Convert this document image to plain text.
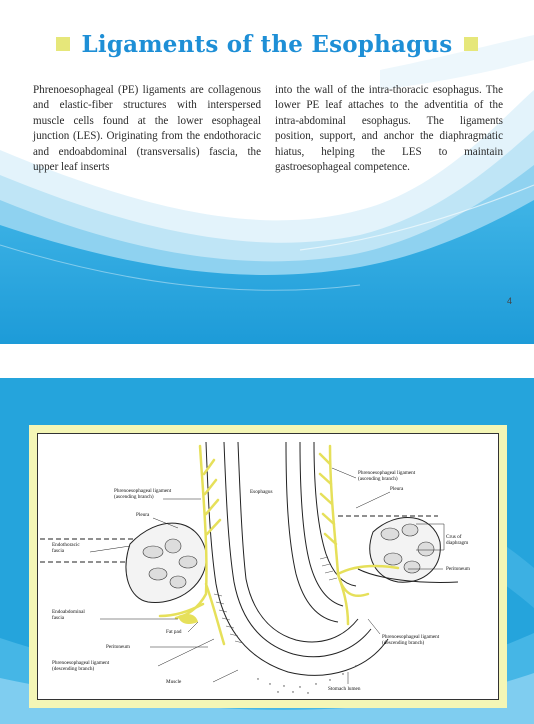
Ligaments of the Esophagus
Phrenoesophageal (PE) ligaments are collagenous and elastic-fiber structures with interspersed muscle cells found at the lower esophageal junction (LES). Originating from the endothoracic and endoabdominal (transversalis) fascia, the upper leaf inserts
into the wall of the intra-thoracic esophagus. The lower PE leaf attaches to the adventitia of the intra-abdominal esophagus. The ligaments position, support, and anchor the diaphragmatic hiatus, helping the LES to maintain gastroesophageal competence.
4
Phrenoesophageal ligament
(ascending branch)
Pleura
Endothoracic
fascia
Endoabdominal
fascia
Fat pad
Peritoneum
Phrenoesophageal ligament
(descending branch)
Muscle
Esophagus
Phrenoesophageal ligament
(ascending branch)
Pleura
Crus of
diaphragm
Peritoneum
Phrenoesophageal ligament
(descending branch)
Stomach lumen
